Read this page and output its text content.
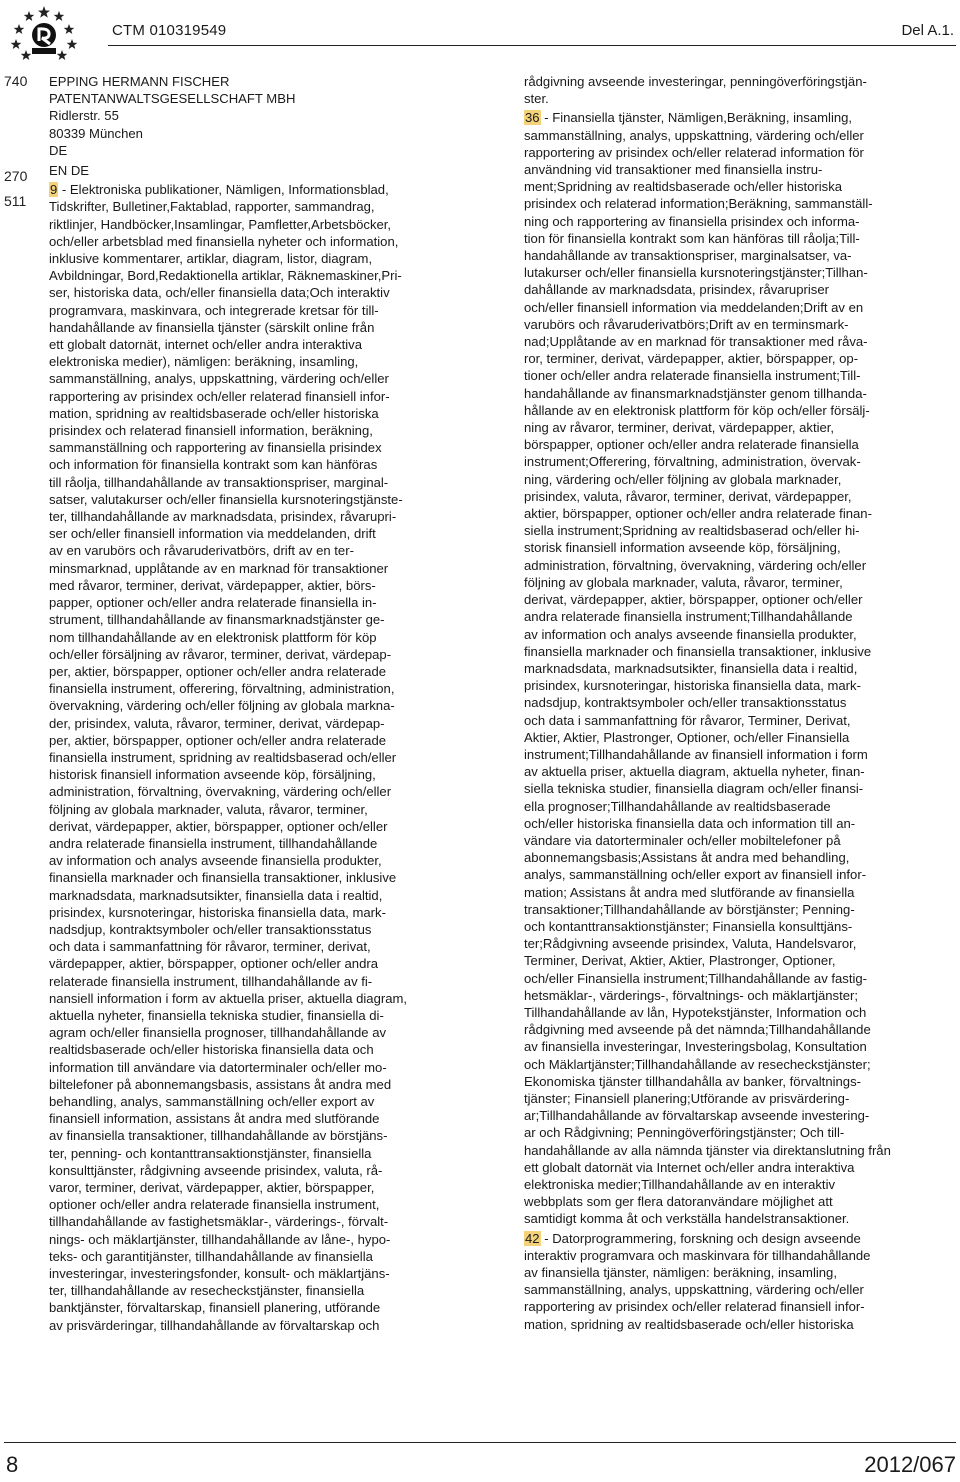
CTM 010319549	Del A.1.
740
270
511
EPPING HERMANN FISCHER
PATENTANWALTSGESELLSCHAFT MBH
Ridlerstr. 55
80339 München
DE
EN DE
9 - Elektroniska publikationer, Nämligen, Informationsblad,
Tidskrifter, Bulletiner,Faktablad, rapporter, sammandrag,
riktlinjer, Handböcker,Insamlingar, Pamfletter,Arbetsböcker,
och/eller arbetsblad med finansiella nyheter och information,
inklusive kommentarer, artiklar, diagram, listor, diagram,
Avbildningar, Bord,Redaktionella artiklar, Räknemaskiner,Pri-
ser, historiska data, och/eller finansiella data;Och interaktiv
programvara, maskinvara, och integrerade kretsar för till-
handahållande av finansiella tjänster (särskilt online från
ett globalt datornät, internet och/eller andra interaktiva
elektroniska medier), nämligen: beräkning, insamling,
sammanställning, analys, uppskattning, värdering och/eller
rapportering av prisindex och/eller relaterad finansiell infor-
mation, spridning av realtidsbaserade och/eller historiska
prisindex och relaterad finansiell information, beräkning,
sammanställning och rapportering av finansiella prisindex
och information för finansiella kontrakt som kan hänföras
till råolja, tillhandahållande av transaktionspriser, marginal-
satser, valutakurser och/eller finansiella kursnoteringstjänste-
ter, tillhandahållande av marknadsdata, prisindex, råvarupri-
ser och/eller finansiell information via meddelanden, drift
av en varubörs och råvaruderivatbörs, drift av en ter-
minsmarknad, upplåtande av en marknad för transaktioner
med råvaror, terminer, derivat, värdepapper, aktier, börs-
papper, optioner och/eller andra relaterade finansiella in-
strument, tillhandahållande av finansmarknadstjänster ge-
nom tillhandahållande av en elektronisk plattform för köp
och/eller försäljning av råvaror, terminer, derivat, värdepap-
per, aktier, börspapper, optioner och/eller andra relaterade
finansiella instrument, offerering, förvaltning, administration,
övervakning, värdering och/eller följning av globala markna-
der, prisindex, valuta, råvaror, terminer, derivat, värdepap-
per, aktier, börspapper, optioner och/eller andra relaterade
finansiella instrument, spridning av realtidsbaserad och/eller
historisk finansiell information avseende köp, försäljning,
administration, förvaltning, övervakning, värdering och/eller
följning av globala marknader, valuta, råvaror, terminer,
derivat, värdepapper, aktier, börspapper, optioner och/eller
andra relaterade finansiella instrument, tillhandahållande
av information och analys avseende finansiella produkter,
finansiella marknader och finansiella transaktioner, inklusive
marknadsdata, marknadsutsikter, finansiella data i realtid,
prisindex, kursnoteringar, historiska finansiella data, mark-
nadsdjup, kontraktsymboler och/eller transaktionsstatus
och data i sammanfattning för råvaror, terminer, derivat,
värdepapper, aktier, börspapper, optioner och/eller andra
relaterade finansiella instrument, tillhandahållande av fi-
nansiell information i form av aktuella priser, aktuella diagram,
aktuella nyheter, finansiella tekniska studier, finansiella di-
agram och/eller finansiella prognoser, tillhandahållande av
realtidsbaserade och/eller historiska finansiella data och
information till användare via datorterminaler och/eller mo-
biltelefoner på abonnemangsbasis, assistans åt andra med
behandling, analys, sammanställning och/eller export av
finansiell information, assistans åt andra med slutförande
av finansiella transaktioner, tillhandahållande av börstjäns-
ter, penning- och kontanttransaktionstjänster, finansiella
konsulttjänster, rådgivning avseende prisindex, valuta, rå-
varor, terminer, derivat, värdepapper, aktier, börspapper,
optioner och/eller andra relaterade finansiella instrument,
tillhandahållande av fastighetsmäklar-, värderings-, förvalt-
nings- och mäklartjänster, tillhandahållande av låne-, hypo-
teks- och garantitjänster, tillhandahållande av finansiella
investeringar, investeringsfonder, konsult- och mäklartjäns-
ter, tillhandahållande av resecheckstjänster, finansiella
banktjänster, förvaltarskap, finansiell planering, utförande
av prisvärderingar, tillhandahållande av förvaltarskap och
rådgivning avseende investeringar, penningöverföringstjän-
ster.
36 - Finansiella tjänster, Nämligen,Beräkning, insamling,
sammanställning, analys, uppskattning, värdering och/eller
rapportering av prisindex och/eller relaterad information för
användning vid transaktioner med finansiella instru-
ment;Spridning av realtidsbaserade och/eller historiska
prisindex och relaterad information;Beräkning, sammanställ-
ning och rapportering av finansiella prisindex och informa-
tion för finansiella kontrakt som kan hänföras till råolja;Till-
handahållande av transaktionspriser, marginalsatser, va-
lutakurser och/eller finansiella kursnoteringstjänster;Tillhan-
dahållande av marknadsdata, prisindex, råvarupriser
och/eller finansiell information via meddelanden;Drift av en
varubörs och råvaruderivatbörs;Drift av en terminsmark-
nad;Upplåtande av en marknad för transaktioner med råva-
ror, terminer, derivat, värdepapper, aktier, börspapper, op-
tioner och/eller andra relaterade finansiella instrument;Till-
handahållande av finansmarknadstjänster genom tillhanda-
hållande av en elektronisk plattform för köp och/eller försälj-
ning av råvaror, terminer, derivat, värdepapper, aktier,
börspapper, optioner och/eller andra relaterade finansiella
instrument;Offerering, förvaltning, administration, övervak-
ning, värdering och/eller följning av globala marknader,
prisindex, valuta, råvaror, terminer, derivat, värdepapper,
aktier, börspapper, optioner och/eller andra relaterade finan-
siella instrument;Spridning av realtidsbaserad och/eller hi-
storisk finansiell information avseende köp, försäljning,
administration, förvaltning, övervakning, värdering och/eller
följning av globala marknader, valuta, råvaror, terminer,
derivat, värdepapper, aktier, börspapper, optioner och/eller
andra relaterade finansiella instrument;Tillhandahållande
av information och analys avseende finansiella produkter,
finansiella marknader och finansiella transaktioner, inklusive
marknadsdata, marknadsutsikter, finansiella data i realtid,
prisindex, kursnoteringar, historiska finansiella data, mark-
nadsdjup, kontraktsymboler och/eller transaktionsstatus
och data i sammanfattning för råvaror, Terminer, Derivat,
Aktier, Aktier, Plastronger, Optioner, och/eller Finansiella
instrument;Tillhandahållande av finansiell information i form
av aktuella priser, aktuella diagram, aktuella nyheter, finan-
siella tekniska studier, finansiella diagram och/eller finansi-
ella prognoser;Tillhandahållande av realtidsbaserade
och/eller historiska finansiella data och information till an-
vändare via datorterminaler och/eller mobiltelefoner på
abonnemangsbasis;Assistans åt andra med behandling,
analys, sammanställning och/eller export av finansiell infor-
mation; Assistans åt andra med slutförande av finansiella
transaktioner;Tillhandahållande av börstjänster; Penning-
och kontanttransaktionstjänster; Finansiella konsulttjäns-
ter;Rådgivning avseende prisindex, Valuta, Handelsvaror,
Terminer, Derivat, Aktier, Aktier, Plastronger, Optioner,
och/eller Finansiella instrument;Tillhandahållande av fastig-
hetsmäklar-, värderings-, förvaltnings- och mäklartjänster;
Tillhandahållande av lån, Hypotekstjänster, Information och
rådgivning med avseende på det nämnda;Tillhandahållande
av finansiella investeringar, Investeringsbolag, Konsultation
och Mäklartjänster;Tillhandahållande av resecheckstjänster;
Ekonomiska tjänster tillhandahålla av banker, förvaltnings-
tjänster; Finansiell planering;Utförande av prisvärdering-
ar;Tillhandahållande av förvaltarskap avseende investering-
ar och Rådgivning; Penningöverföringstjänster; Och till-
handahållande av alla nämnda tjänster via direktanslutning från
ett globalt datornät via Internet och/eller andra interaktiva
elektroniska medier;Tillhandahållande av en interaktiv
webbplats som ger flera datoranvändare möjlighet att
samtidigt komma åt och verkställa handelstransaktioner.
42 - Datorprogrammering, forskning och design avseende
interaktiv programvara och maskinvara för tillhandahållande
av finansiella tjänster, nämligen: beräkning, insamling,
sammanställning, analys, uppskattning, värdering och/eller
rapportering av prisindex och/eller relaterad finansiell infor-
mation, spridning av realtidsbaserade och/eller historiska
8	2012/067
